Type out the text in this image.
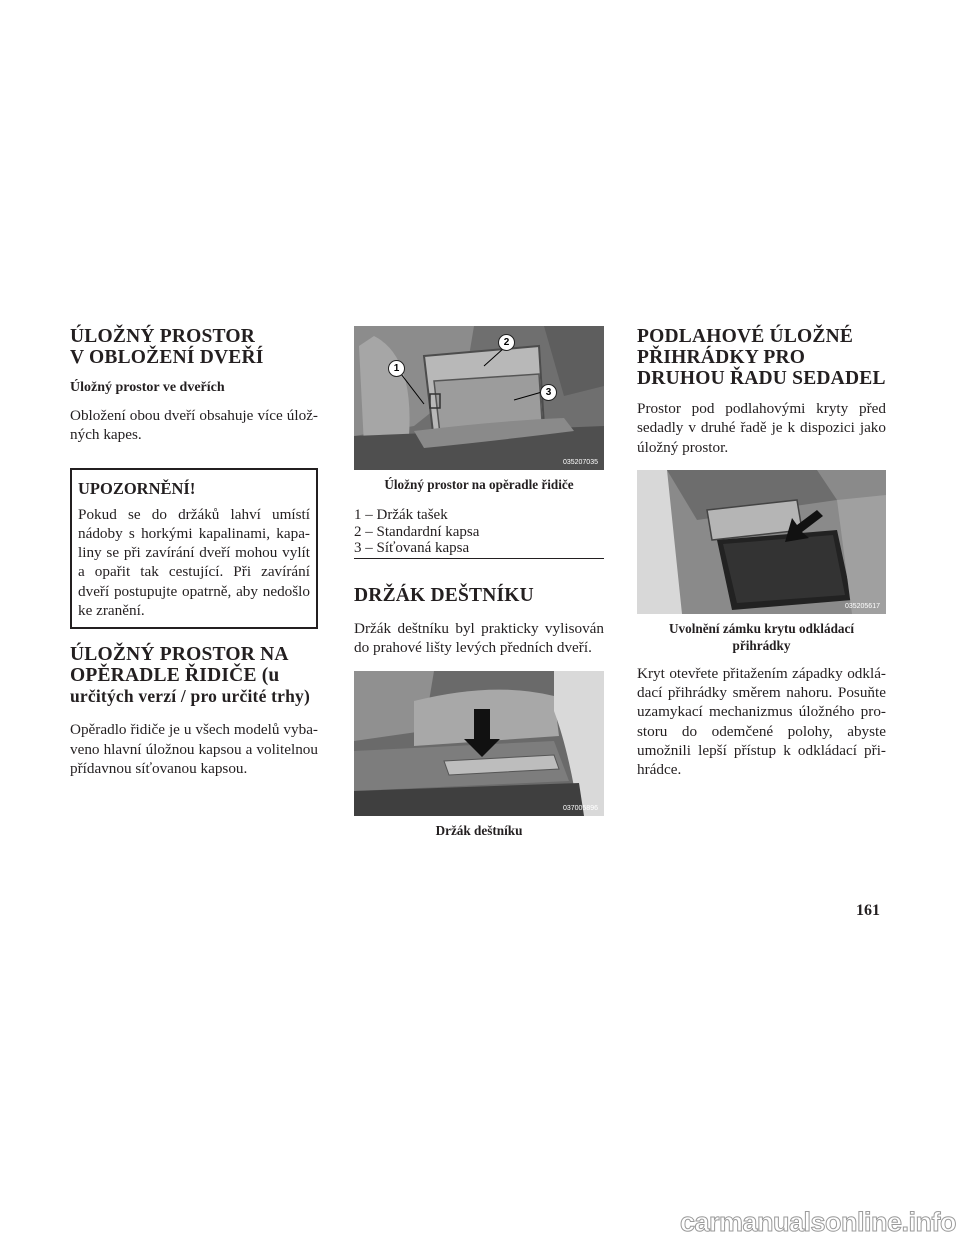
ÚLOŽNÝ PROSTOR
V OBLOŽENÍ DVEŘÍ
Úložný prostor ve dveřích

Obložení obou dveří obsahuje více úlož-ných kapes.

UPOZORNĚNÍ!

Pokud se do držáků lahví umístí nádoby s horkými kapalinami, kapa-liny se při zavírání dveří mohou vylít a opařit tak cestující. Při zavírání dveří postupujte opatrně, aby nedošlo ke zranění.

ÚLOŽNÝ PROSTOR NA
OPĚRADLE ŘIDIČE (u
určitých verzí / pro určité trhy)

Opěradlo řidiče je u všech modelů vyba-veno hlavní úložnou kapsou a volitelnou přídavnou síťovanou kapsou.

1
2
3
035207035
Úložný prostor na opěradle řidiče
1 – Držák tašek
2 – Standardní kapsa
3 – Síťovaná kapsa
DRŽÁK DEŠTNÍKU

Držák deštníku byl prakticky vylisován do prahové lišty levých předních dveří.

037005896
Držák deštníku
PODLAHOVÉ ÚLOŽNÉ
PŘIHRÁDKY PRO
DRUHOU ŘADU SEDADEL

Prostor pod podlahovými kryty před sedadly v druhé řadě je k dispozici jako úložný prostor.

035205617
Uvolnění zámku krytu odkládací
přihrádky

Kryt otevřete přitažením západky odklá-dací přihrádky směrem nahoru. Posuňte uzamykací mechanizmus úložného pro-storu do odemčené polohy, abyste umožnili lepší přístup k odkládací při-hrádce.

161
carmanualsonline.info
